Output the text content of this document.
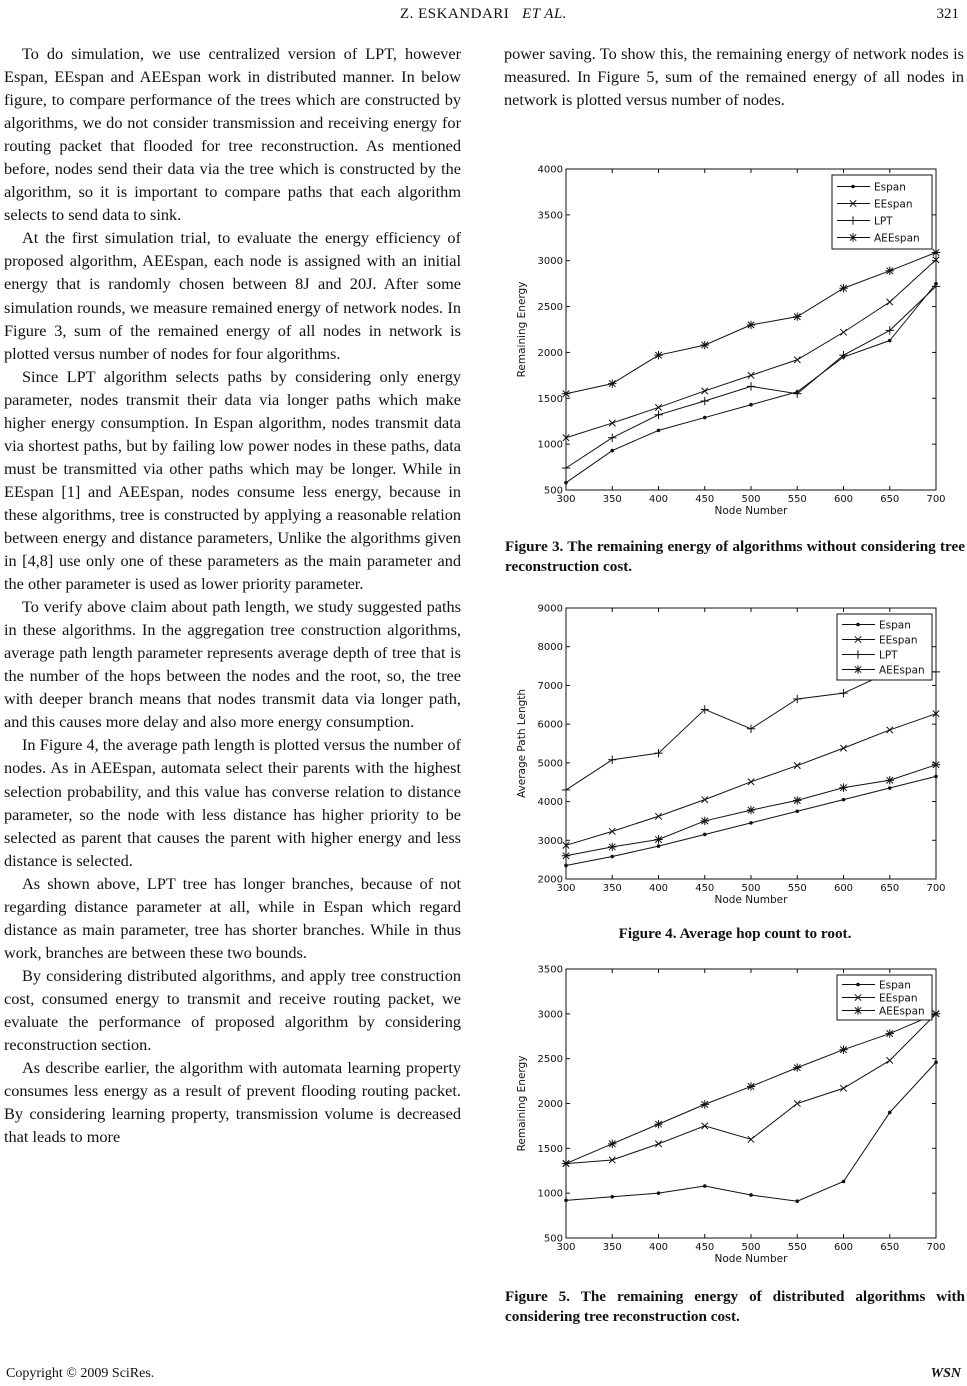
Z. ESKANDARI ET AL.	321

To do simulation, we use centralized version of LPT, however Espan, EEspan and AEEspan work in distributed manner. In below figure, to compare performance of the trees which are constructed by algorithms, we do not consider transmission and receiving energy for routing packet that flooded for tree reconstruction. As mentioned before, nodes send their data via the tree which is constructed by the algorithm, so it is important to compare paths that each algorithm selects to send data to sink.

At the first simulation trial, to evaluate the energy efficiency of proposed algorithm, AEEspan, each node is assigned with an initial energy that is randomly chosen between 8J and 20J. After some simulation rounds, we measure remained energy of network nodes. In Figure 3, sum of the remained energy of all nodes in network is plotted versus number of nodes for four algorithms.

Since LPT algorithm selects paths by considering only energy parameter, nodes transmit their data via longer paths which make higher energy consumption. In Espan algorithm, nodes transmit data via shortest paths, but by failing low power nodes in these paths, data must be transmitted via other paths which may be longer. While in EEspan [1] and AEEspan, nodes consume less energy, because in these algorithms, tree is constructed by applying a reasonable relation between energy and distance parameters, Unlike the algorithms given in [4,8] use only one of these parameters as the main parameter and the other parameter is used as lower priority parameter.

To verify above claim about path length, we study suggested paths in these algorithms. In the aggregation tree construction algorithms, average path length parameter represents average depth of tree that is the number of the hops between the nodes and the root, so, the tree with deeper branch means that nodes transmit data via longer path, and this causes more delay and also more energy consumption.

In Figure 4, the average path length is plotted versus the number of nodes. As in AEEspan, automata select their parents with the highest selection probability, and this value has converse relation to distance parameter, so the node with less distance has higher priority to be selected as parent that causes the parent with higher energy and less distance is selected.

As shown above, LPT tree has longer branches, because of not regarding distance parameter at all, while in Espan which regard distance as main parameter, tree has shorter branches. While in thus work, branches are between these two bounds.

By considering distributed algorithms, and apply tree construction cost, consumed energy to transmit and receive routing packet, we evaluate the performance of proposed algorithm by considering reconstruction section.

As describe earlier, the algorithm with automata learning property consumes less energy as a result of prevent flooding routing packet. By considering learning property, transmission volume is decreased that leads to more

power saving. To show this, the remaining energy of network nodes is measured. In Figure 5, sum of the remained energy of all nodes in network is plotted versus number of nodes.

300	350	400	450	500	550	600	650	700
500
1000
1500
2000
2500
3000
3500
4000
Node Number
Remaining Energy
Espan
EEspan
LPT
AEEspan
Figure 3. The remaining energy of algorithms without considering tree reconstruction cost.
300	350	400	450	500	550	600	650	700
2000
3000
4000
5000
6000
7000
8000
9000
Node Number
Average Path Length
Espan
EEspan
LPT
AEEspan
Figure 4. Average hop count to root.
300	350	400	450	500	550	600	650	700
500
1000
1500
2000
2500
3000
3500
Node Number
Remaining Energy
Espan
EEspan
AEEspan
Figure 5. The remaining energy of distributed algorithms with considering tree reconstruction cost.
Copyright © 2009 SciRes.	WSN
